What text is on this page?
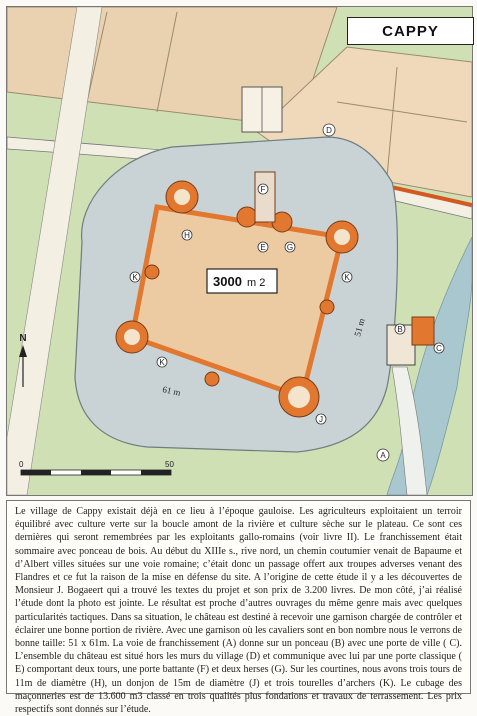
3000 m 2
61 m
51 m
D
F
E	G
H
K	K
K
J
B
C
A
N
0	50
CAPPY

Le village de Cappy existait déjà en ce lieu à l’époque gauloise. Les agriculteurs exploitaient un terroir équilibré avec culture verte sur la boucle amont de la rivière et culture sèche sur le plateau. Ce sont ces dernières qui seront remembrées par les exploitants gallo-romains (voir livre II). Le franchissement était sommaire avec ponceau de bois. Au début du XIIIe s., rive nord, un chemin coutumier venait de Bapaume et d’Albert villes situées sur une voie romaine; c’était donc un passage offert aux troupes adverses venant des Flandres et ce fut la raison de la mise en défense du site. A l’origine de cette étude il y a les découvertes de Monsieur J. Bogaeert qui a trouvé les textes du projet et son prix de 3.200 livres. De mon côté, j’ai réalisé l’étude dont la photo est jointe. Le résultat est proche d’autres ouvrages du même genre mais avec quelques particularités tactiques. Dans sa situation, le château est destiné à recevoir une garnison chargée de contrôler et éclairer une bonne portion de rivière. Avec une garnison où les cavaliers sont en bon nombre nous le verrons de bonne taille: 51 x 61m. La voie de franchissement (A) donne sur un ponceau (B) avec une porte de ville ( C). L’ensemble du château est situé hors les murs du village (D) et communique avec lui par une porte classique ( E) comportant deux tours, une porte battante (F) et deux herses (G). Sur les courtines, nous avons trois tours de 11m de diamètre (H), un donjon de 15m de diamètre (J) et trois tourelles d’archers (K). Le cubage des maçonneries est de 13.600 m3 classé en trois qualités plus fondations et travaux de terrassement. Les prix respectifs sont donnés sur l’étude.
